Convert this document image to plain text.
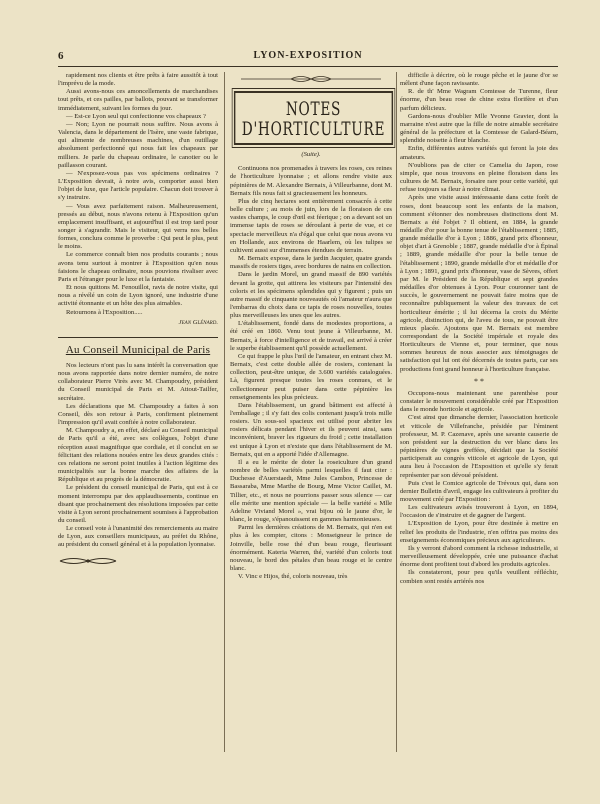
6	LYON-EXPOSITION

rapidement nos clients et être prêts à faire aussitôt à tout l'imprévu de la mode.

Aussi avons-nous ces amoncellements de marchandises tout prêts, et ces pailles, par ballots, pouvant se transformer immédiatement, suivant les formes du jour.

— Est-ce Lyon seul qui confectionne vos chapeaux ?

— Non; Lyon ne pourrait nous suffire. Nous avons à Valencia, dans le département de l'Isère, une vaste fabrique, qui alimente de nombreuses machines, d'un outillage absolument perfectionné qui nous fait les chapeaux par milliers. Je parle du chapeau ordinaire, le canotier ou le paillasson courant.

— N'exposez-vous pas vos spécimens ordinaires ? L'Exposition devrait, à notre avis, comporter aussi bien l'objet de luxe, que l'article populaire. Chacun doit trouver à s'y instruire.

— Vous avez parfaitement raison. Malheureusement, pressés au début, nous n'avons retenu à l'Exposition qu'un emplacement insuffisant, et aujourd'hui il est trop tard pour songer à s'agrandir. Mais le visiteur, qui verra nos belles formes, conclura comme le proverbe : Qui peut le plus, peut le moins.

Le commerce connaît bien nos produits courants ; nous avons tenu surtout à montrer à l'Exposition qu'en nous faisions le chapeau ordinaire, nous pouvions rivaliser avec Paris et l'étranger pour le luxe et la fantaisie.

Et nous quittons M. Fenouillot, ravis de notre visite, qui nous a révélé un coin de Lyon ignoré, une industrie d'une activité étonnante et un hôte des plus aimables.

Retournons à l'Exposition.....

Jean Glénard.
Au Conseil Municipal de Paris

Nos lecteurs n'ont pas lu sans intérêt la conversation que nous avons rapportée dans notre dernier numéro, de notre collaborateur Pierre Virès avec M. Champoudry, président du Conseil municipal de Paris et M. Attout-Tailfer, secrétaire.

Les déclarations que M. Champoudry a faites à son Conseil, dès son retour à Paris, confirment pleinement l'impression qu'il avait confiée à notre collaborateur.

M. Champoudry a, en effet, déclaré au Conseil municipal de Paris qu'il a été, avec ses collègues, l'objet d'une réception aussi magnifique que cordiale, et il conclut en se félicitant des relations nouées entre les deux grandes cités : ces relations ne seront point inutiles à l'action légitime des municipalités sur la bonne marche des affaires de la République et au progrès de la démocratie.

Le président du conseil municipal de Paris, qui est à ce moment interrompu par des applaudissements, continue en disant que prochainement des résolutions imposées par cette visite à Lyon seront prochainement soumises à l'approbation du conseil.

Le conseil vote à l'unanimité des remerciements au maire de Lyon, aux conseillers municipaux, au préfet du Rhône, au président du conseil général et à la population lyonnaise.

NOTES D'HORTICULTURE
(Suite).

Continuons nos promenades à travers les roses, ces reines de l'horticulture lyonnaise ; et allons rendre visite aux pépinières de M. Alexandre Bernaix, à Villeurbanne, dont M. Bernaix fils nous fait si gracieusement les honneurs.

Plus de cinq hectares sont entièrement consacrés à cette belle culture ; au mois de juin, lors de la floraison de ces vastes champs, le coup d'œil est féerique ; on a devant soi un immense tapis de roses se déroulant à perte de vue, et ce spectacle merveilleux n'a d'égal que celui que nous avons vu en Hollande, aux environs de Haarlem, où les tulipes se cultivent aussi sur d'immenses étendues de terrain.

M. Bernaix expose, dans le jardin Jacquier, quatre grands massifs de rosiers tiges, avec bordures de nains en collection.

Dans le jardin Morel, un grand massif de 890 variétés devant la grotte, qui attirera les visiteurs par l'intensité des coloris et les spécimens splendides qui y figurent ; puis un autre massif de cinquante nouveautés où l'amateur n'aura que l'embarras du choix dans ce tapis de roses nouvelles, toutes plus merveilleuses les unes que les autres.

L'établissement, fondé dans de modestes proportions, a été créé en 1860. Venu tout jeune à Villeurbanne, M. Bernaix, à force d'intelligence et de travail, est arrivé à créer le superbe établissement qu'il possède actuellement.

Ce qui frappe le plus l'œil de l'amateur, en entrant chez M. Bernaix, c'est cette double allée de rosiers, contenant la collection, peut-être unique, de 3.600 variétés cataloguées. Là, figurent presque toutes les roses connues, et le collectionneur peut puiser dans cette pépinière les renseignements les plus précieux.

Dans l'établissement, un grand bâtiment est affecté à l'emballage ; il s'y fait des colis contenant jusqu'à trois mille rosiers. Un sous-sol spacieux est utilisé pour abriter les rosiers délicats pendant l'hiver et ils peuvent ainsi, sans inconvénient, braver les rigueurs du froid ; cette installation est unique à Lyon et n'existe que dans l'établissement de M. Bernaix, qui en a apporté l'idée d'Allemagne.

Il a eu le mérite de doter la roseiculture d'un grand nombre de belles variétés parmi lesquelles il faut citer : Duchesse d'Auerstaedt, Mme Jules Cambon, Princesse de Bassaraba, Mme Marthe de Bourg, Mme Victor Caillet, M. Tillier, etc., et nous ne pourrions passer sous silence — car elle mérite une mention spéciale — la belle variété « Mlle Adeline Viviand Morel », vrai bijou où le jaune d'or, le blanc, le rouge, s'épanouissent en gammes harmonieuses.

Parmi les dernières créations de M. Bernaix, qui n'en est plus à les compter, citons : Monseigneur le prince de Joinville, belle rose thé d'un beau rouge, fleurissant énormément. Kateria Warren, thé, variété d'un coloris tout nouveau, le bord des pétales d'un beau rouge et le centre blanc.

V. Vinc e Hijos, thé, coloris nouveau, très

difficile à décrire, où le rouge pêche et le jaune d'or se mêlent d'une façon ravissante.

R. de th' Mme Wagram Comtesse de Turenne, fleur énorme, d'un beau rose de chine extra florifère et d'un parfum délicieux.

Gardons-nous d'oublier Mlle Yvonne Gravier, dont la marraine n'est autre que la fille de notre aimable secrétaire général de la préfecture et la Comtesse de Galard-Béarn, splendide noisette à fleur blanche.

Enfin, différentes autres variétés qui feront la joie des amateurs.

N'oublions pas de citer ce Camelia du Japon, rose simple, que nous trouvons en pleine floraison dans les cultures de M. Bernaix, forsaire rare pour cette variété, qui refuse toujours sa fleur à notre climat.

Après une visite aussi intéressante dans cette forêt de roses, dont beaucoup sont les enfants de la maison, comment s'étonner des nombreuses distinctions dont M. Bernaix a été l'objet ? Il obtient, en 1884, la grande médaille d'or pour la bonne tenue de l'établissement ; 1885, grande médaille d'or à Lyon ; 1886, grand prix d'honneur, objet d'art à Grenoble ; 1887, grande médaille d'or à Épinal ; 1889, grande médaille d'or pour la belle tenue de l'établissement ; 1890, grande médaille d'or et médaille d'or à Lyon ; 1891, grand prix d'honneur, vase de Sèvres, offert par M. le Président de la République et sept grandes médailles d'or obtenues à Lyon. Pour couronner tant de succès, le gouvernement ne pouvait faire moins que de reconnaître publiquement la valeur des travaux de cet horticulteur émérite ; il lui décerna la croix du Mérite agricole, distinction qui, de l'aveu de tous, ne pouvait être mieux placée. Ajoutons que M. Bernaix est membre correspondant de la Société impériale et royale des Horticulteurs de Vienne et, pour terminer, que nous sommes heureux de nous associer aux témoignages de satisfaction qui lui ont été décernés de toutes parts, car ses productions font grand honneur à l'horticulture française.

* *

Occupons-nous maintenant une parenthèse pour constater le mouvement considérable créé par l'Exposition dans le monde horticole et agricole.

C'est ainsi que dimanche dernier, l'association horticole et viticole de Villefranche, présidée par l'éminent professeur, M. P. Cazenave, après une savante causerie de son président sur la destruction du ver blanc dans les pépinières de vignes greffées, décidait que la Société participerait au congrès viticole et agricole de Lyon, qui aura lieu à l'occasion de l'Exposition et qu'elle s'y ferait représenter par son dévoué président.

Puis c'est le Comice agricole de Trévoux qui, dans son dernier Bulletin d'avril, engage les cultivateurs à profiter du mouvement créé par l'Exposition :

Les cultivateurs avisés trouveront à Lyon, en 1894, l'occasion de s'instruire et de gagner de l'argent.

L'Exposition de Lyon, pour être destinée à mettre en relief les produits de l'industrie, n'en offrira pas moins des enseignements économiques précieux aux agriculteurs.

Ils y verront d'abord comment la richesse industrielle, si merveilleusement développée, crée une puissance d'achat énorme dont profitent tout d'abord les produits agricoles.

Ils constateront, pour peu qu'ils veuillent réfléchir, combien sont restés arriérés nos
